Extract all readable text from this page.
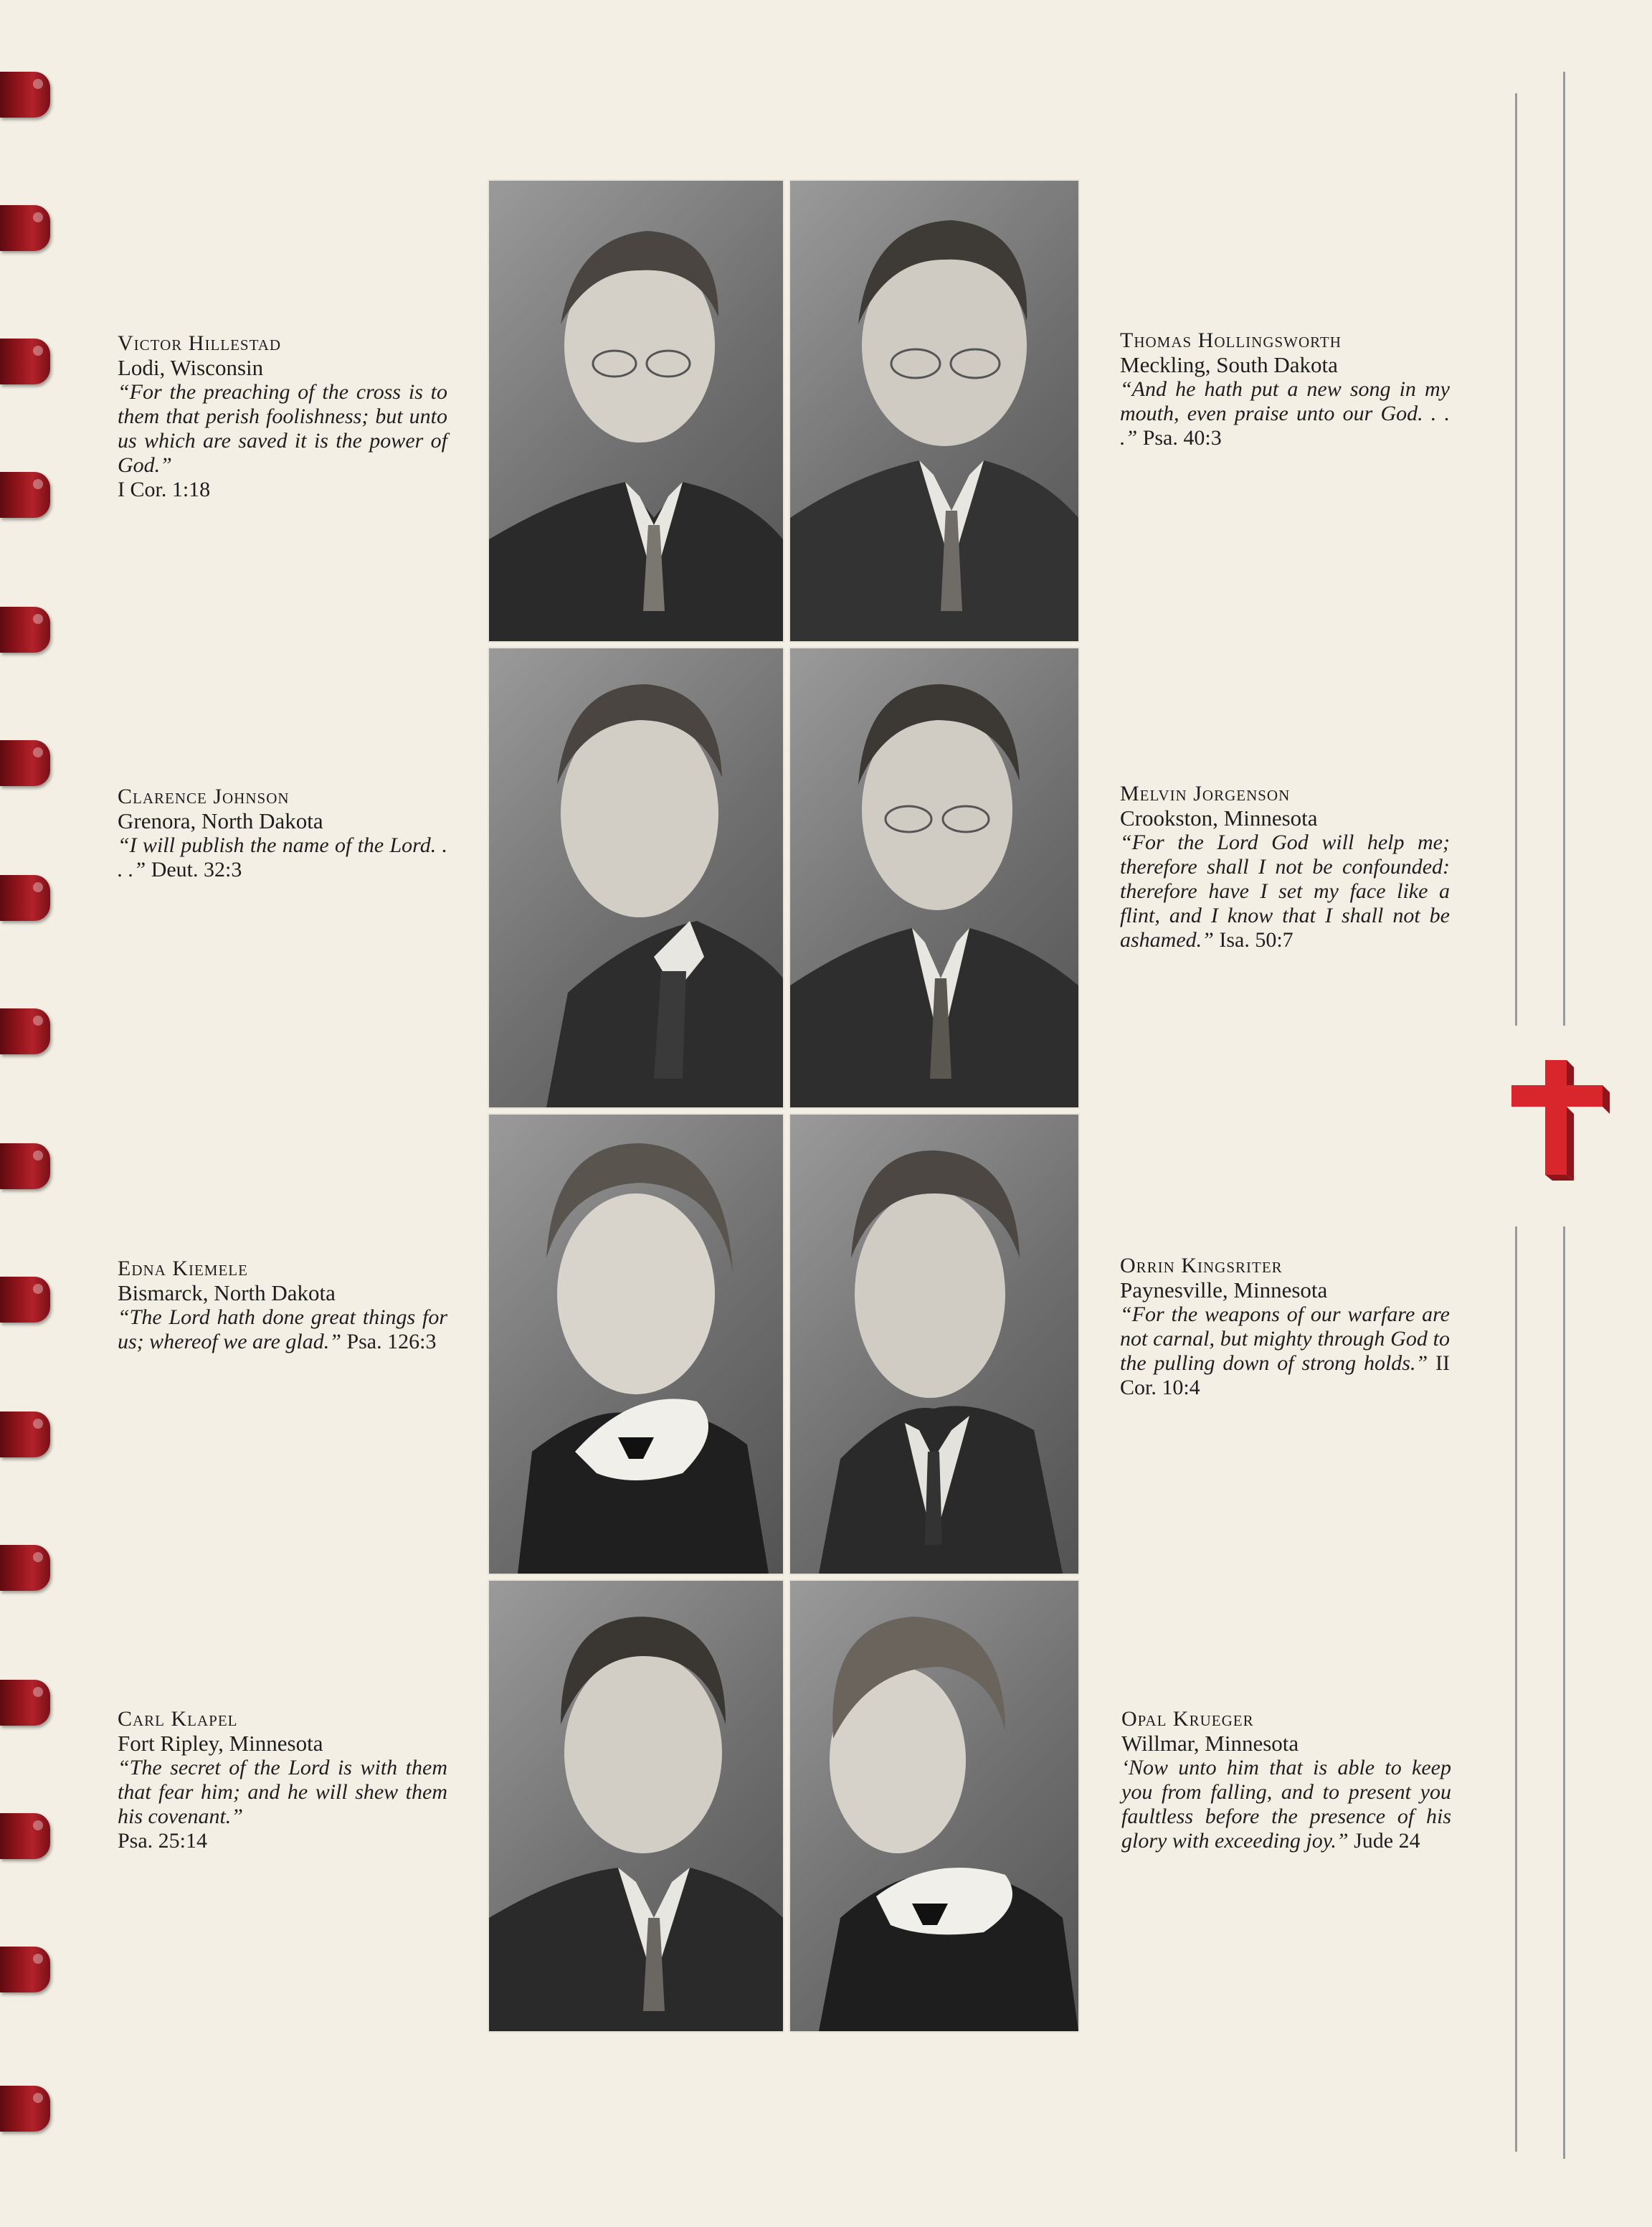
Victor Hillestad
Lodi, Wisconsin
“For the preaching of the cross is to them that perish foolishness; but unto us which are saved it is the power of God.”
I Cor. 1:18
Clarence Johnson
Grenora, North Dakota
“I will publish the name of the Lord. . . .” Deut. 32:3
Edna Kiemele
Bismarck, North Dakota
“The Lord hath done great things for us; whereof we are glad.” Psa. 126:3
Carl Klapel
Fort Ripley, Minnesota
“The secret of the Lord is with them that fear him; and he will shew them his covenant.”
Psa. 25:14
Thomas Hollingsworth
Meckling, South Dakota
“And he hath put a new song in my mouth, even praise unto our God. . . .” Psa. 40:3
Melvin Jorgenson
Crookston, Minnesota
“For the Lord God will help me; therefore shall I not be confounded: therefore have I set my face like a flint, and I know that I shall not be ashamed.” Isa. 50:7
Orrin Kingsriter
Paynesville, Minnesota
“For the weapons of our warfare are not carnal, but mighty through God to the pulling down of strong holds.” II Cor. 10:4
Opal Krueger
Willmar, Minnesota
‘Now unto him that is able to keep you from falling, and to present you faultless before the presence of his glory with exceeding joy.” Jude 24
